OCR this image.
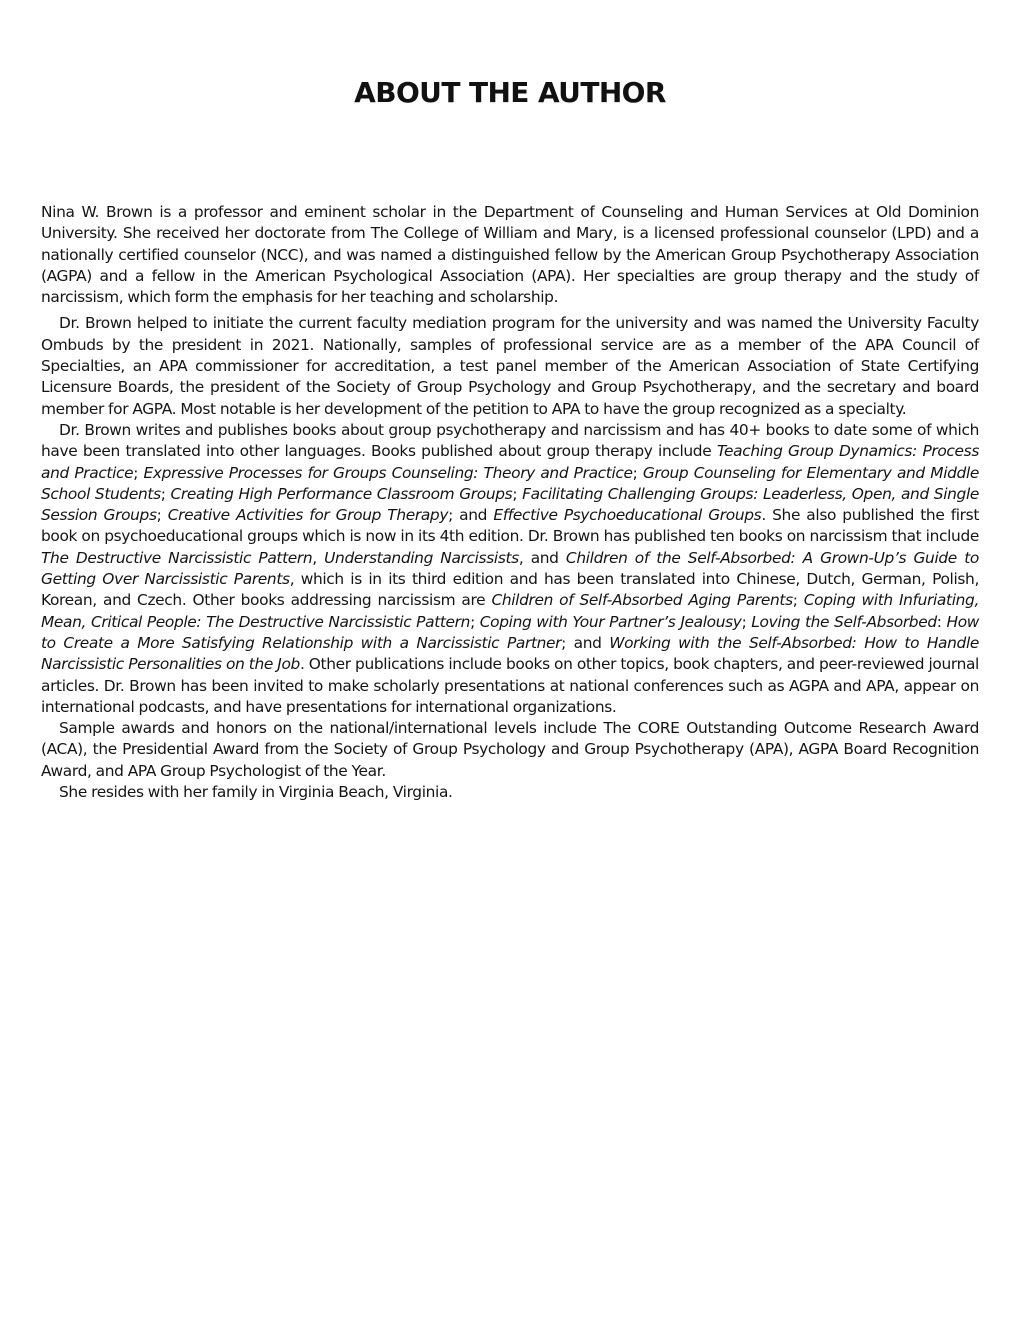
ABOUT THE AUTHOR

Nina W. Brown is a professor and eminent scholar in the Department of Counseling and Human Services at Old Dominion University. She received her doctorate from The College of William and Mary, is a licensed professional counselor (LPD) and a nationally certified counselor (NCC), and was named a distinguished fellow by the American Group Psychotherapy Association (AGPA) and a fellow in the American Psychological Association (APA). Her specialties are group therapy and the study of narcissism, which form the emphasis for her teaching and scholarship.

Dr. Brown helped to initiate the current faculty mediation program for the university and was named the University Faculty Ombuds by the president in 2021. Nationally, samples of professional service are as a member of the APA Council of Specialties, an APA commissioner for accreditation, a test panel member of the American Association of State Certifying Licensure Boards, the president of the Society of Group Psychology and Group Psychotherapy, and the secretary and board member for AGPA. Most notable is her development of the petition to APA to have the group recognized as a specialty.

Dr. Brown writes and publishes books about group psychotherapy and narcissism and has 40+ books to date some of which have been translated into other languages. Books published about group therapy include Teaching Group Dynamics: Process and Practice; Expressive Processes for Groups Counseling: Theory and Practice; Group Counseling for Elementary and Middle School Students; Creating High Performance Classroom Groups; Facilitating Challenging Groups: Leaderless, Open, and Single Session Groups; Creative Activities for Group Therapy; and Effective Psychoeducational Groups. She also published the first book on psychoeducational groups which is now in its 4th edition. Dr. Brown has published ten books on narcissism that include The Destructive Narcissistic Pattern, Understanding Narcissists, and Children of the Self-Absorbed: A Grown-Up’s Guide to Getting Over Narcissistic Parents, which is in its third edition and has been translated into Chinese, Dutch, German, Polish, Korean, and Czech. Other books addressing narcissism are Children of Self-Absorbed Aging Parents; Coping with Infuriating, Mean, Critical People: The Destructive Narcissistic Pattern; Coping with Your Partner’s Jealousy; Loving the Self-Absorbed: How to Create a More Satisfying Relationship with a Narcissistic Partner; and Working with the Self-Absorbed: How to Handle Narcissistic Personalities on the Job. Other publications include books on other topics, book chapters, and peer-reviewed journal articles. Dr. Brown has been invited to make scholarly presentations at national conferences such as AGPA and APA, appear on international podcasts, and have presentations for international organizations.

Sample awards and honors on the national/international levels include The CORE Outstanding Outcome Research Award (ACA), the Presidential Award from the Society of Group Psychology and Group Psychotherapy (APA), AGPA Board Recognition Award, and APA Group Psychologist of the Year.

She resides with her family in Virginia Beach, Virginia.
